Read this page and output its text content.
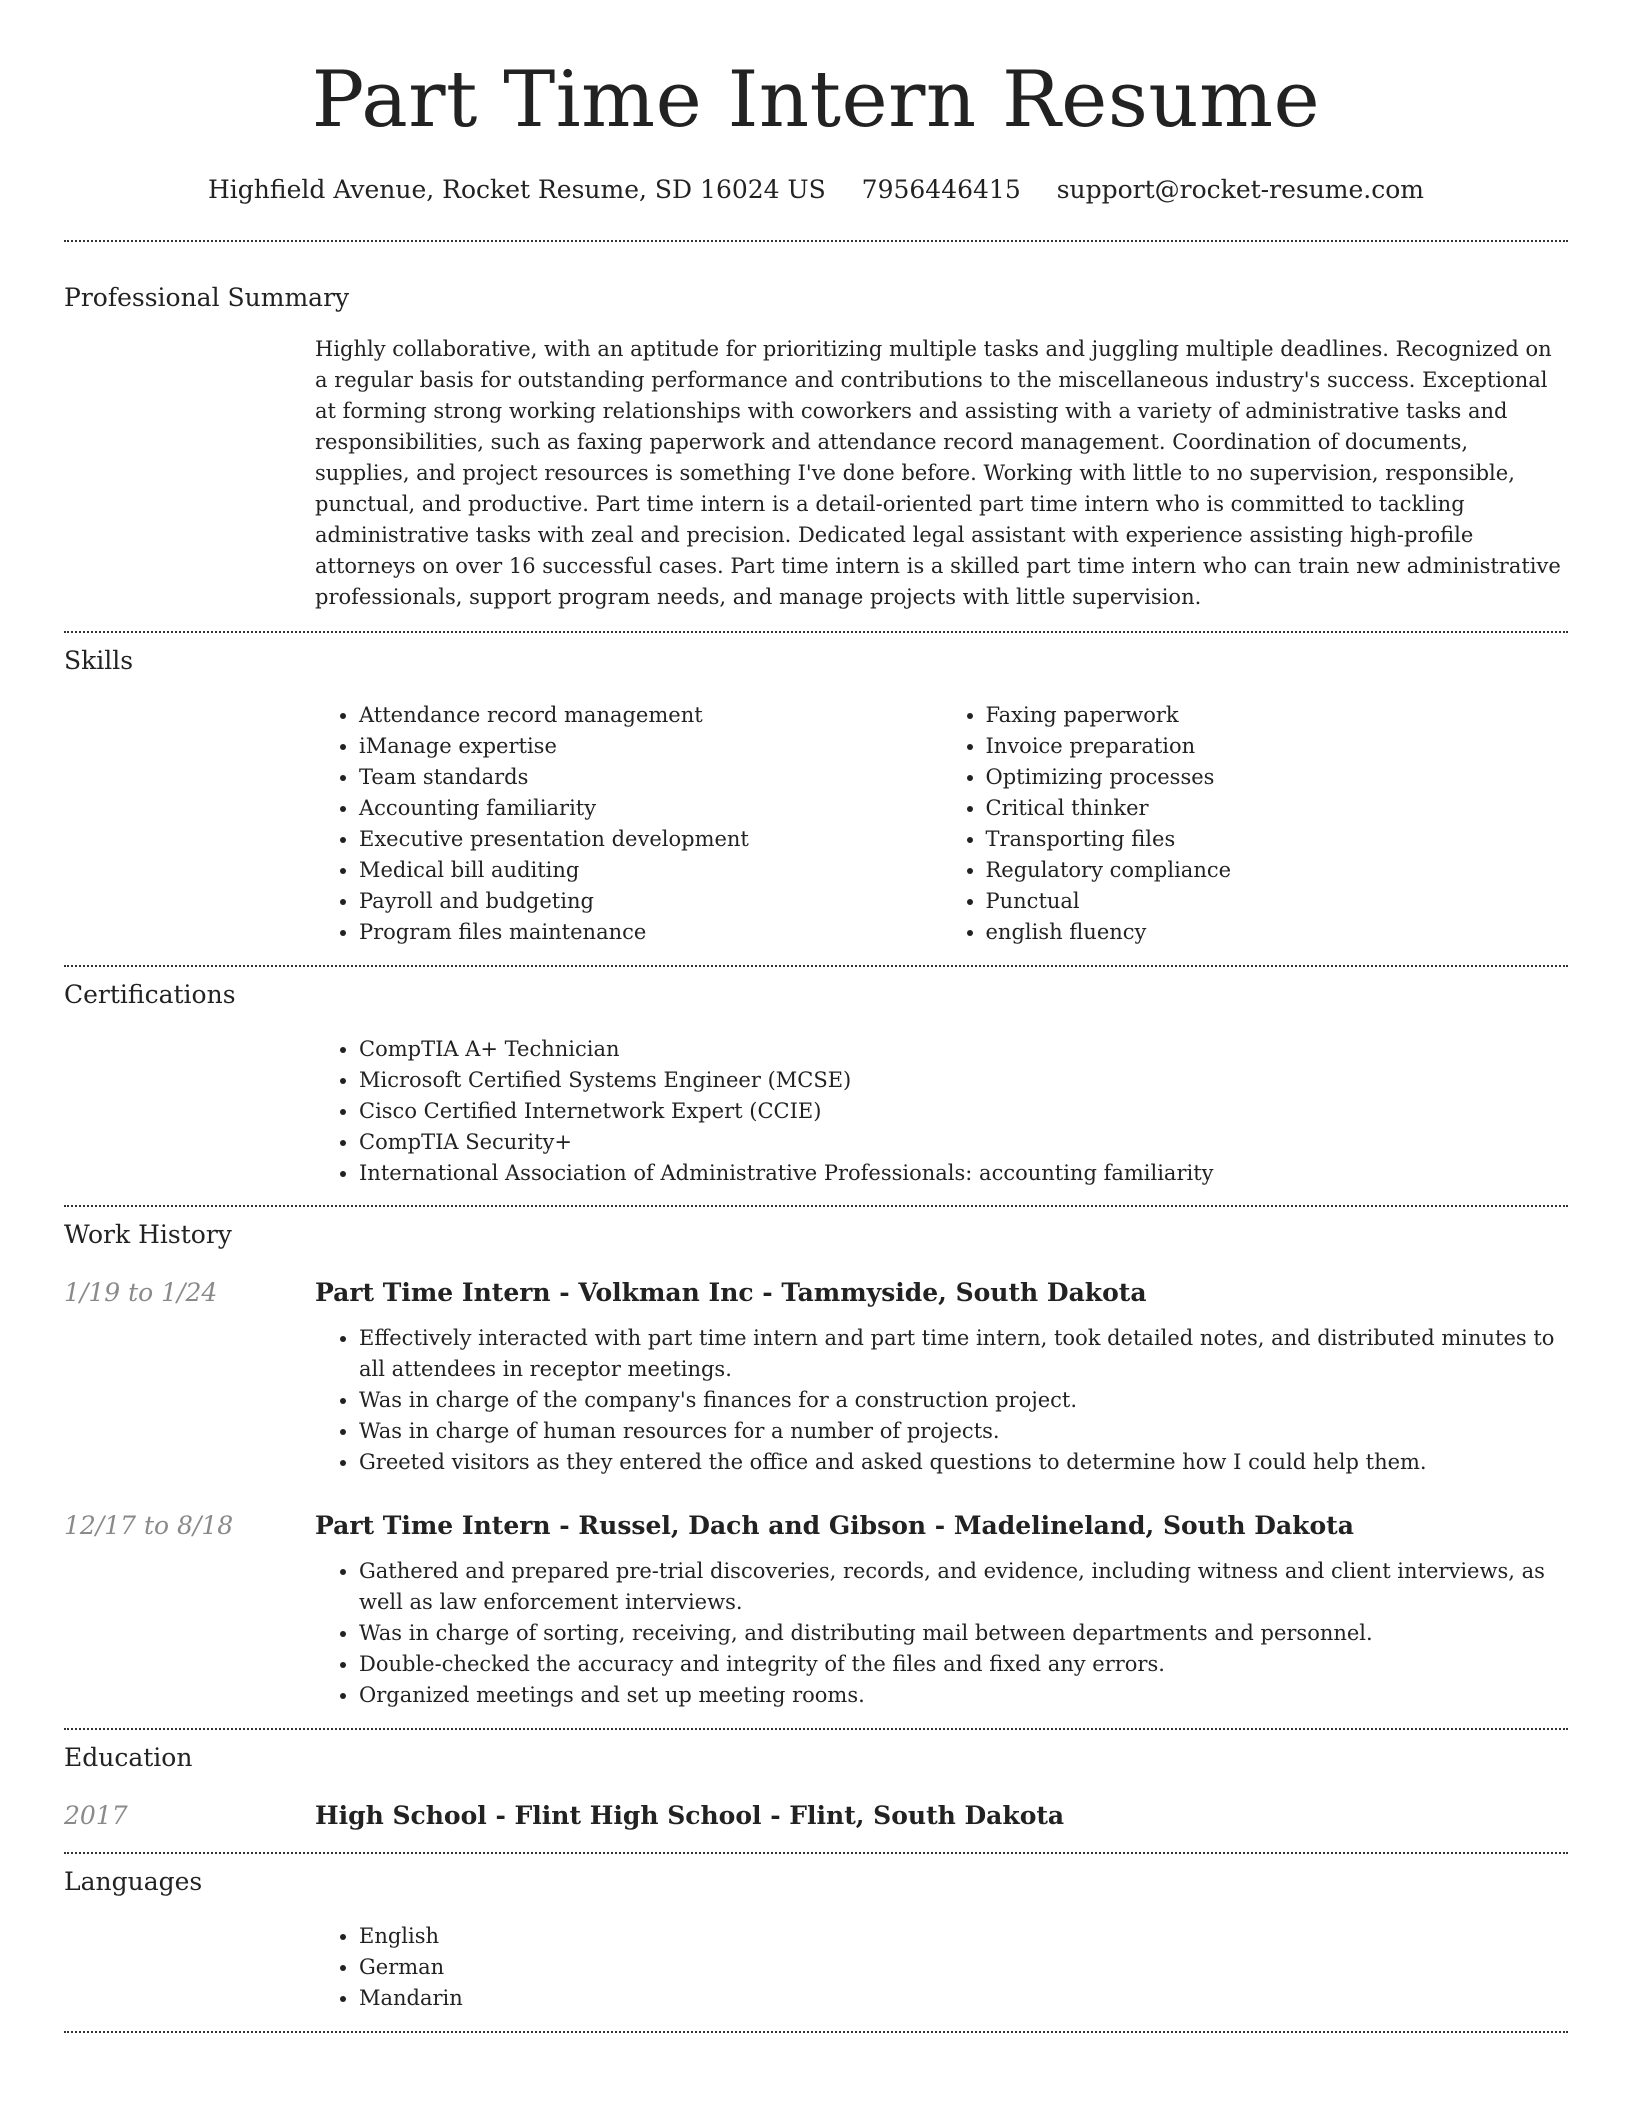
Part Time Intern Resume
Highfield Avenue, Rocket Resume, SD 16024 US 7956446415 support@rocket-resume.com
Professional Summary

Highly collaborative, with an aptitude for prioritizing multiple tasks and juggling multiple deadlines. Recognized on a regular basis for outstanding performance and contributions to the miscellaneous industry's success. Exceptional at forming strong working relationships with coworkers and assisting with a variety of administrative tasks and responsibilities, such as faxing paperwork and attendance record management. Coordination of documents, supplies, and project resources is something I've done before. Working with little to no supervision, responsible, punctual, and productive. Part time intern is a detail-oriented part time intern who is committed to tackling administrative tasks with zeal and precision. Dedicated legal assistant with experience assisting high-profile attorneys on over 16 successful cases. Part time intern is a skilled part time intern who can train new administrative professionals, support program needs, and manage projects with little supervision.

Skills
• Attendance record management
• iManage expertise
• Team standards
• Accounting familiarity
• Executive presentation development
• Medical bill auditing
• Payroll and budgeting
• Program files maintenance
• Faxing paperwork
• Invoice preparation
• Optimizing processes
• Critical thinker
• Transporting files
• Regulatory compliance
• Punctual
• english fluency
Certifications
• CompTIA A+ Technician
• Microsoft Certified Systems Engineer (MCSE)
• Cisco Certified Internetwork Expert (CCIE)
• CompTIA Security+
• International Association of Administrative Professionals: accounting familiarity
Work History
1/19 to 1/24	Part Time Intern - Volkman Inc - Tammyside, South Dakota
• Effectively interacted with part time intern and part time intern, took detailed notes, and distributed minutes to all attendees in receptor meetings.
• Was in charge of the company's finances for a construction project.
• Was in charge of human resources for a number of projects.
• Greeted visitors as they entered the office and asked questions to determine how I could help them.
12/17 to 8/18	Part Time Intern - Russel, Dach and Gibson - Madelineland, South Dakota
• Gathered and prepared pre-trial discoveries, records, and evidence, including witness and client interviews, as well as law enforcement interviews.
• Was in charge of sorting, receiving, and distributing mail between departments and personnel.
• Double-checked the accuracy and integrity of the files and fixed any errors.
• Organized meetings and set up meeting rooms.
Education
2017	High School - Flint High School - Flint, South Dakota
Languages
• English
• German
• Mandarin
